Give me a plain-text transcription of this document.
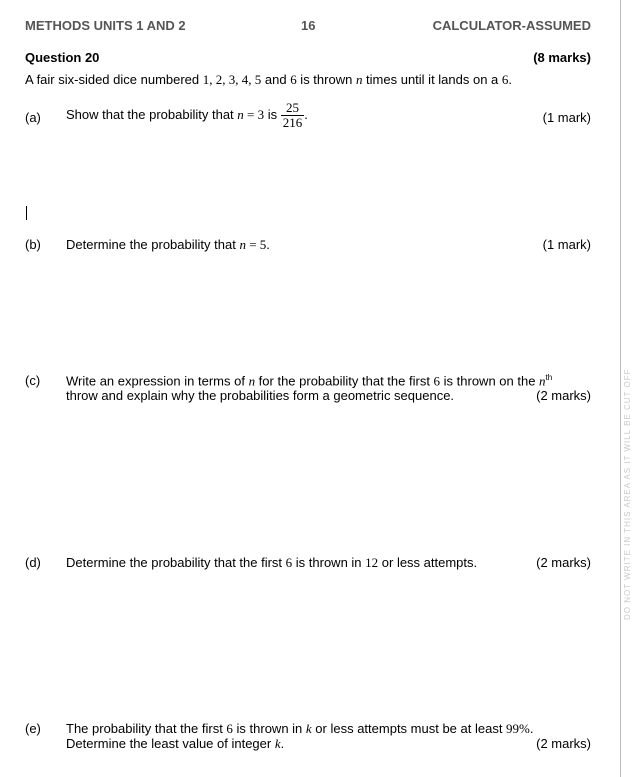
METHODS UNITS 1 AND 2	16	CALCULATOR-ASSUMED
Question 20	(8 marks)
A fair six-sided dice numbered 1, 2, 3, 4, 5 and 6 is thrown n times until it lands on a 6.
(a) Show that the probability that n = 3 is $\frac{25}{216}$ .	(1 mark)
(b) Determine the probability that n = 5.	(1 mark)
(c) Write an expression in terms of n for the probability that the first 6 is thrown on the $n^{th}$
throw and explain why the probabilities form a geometric sequence.	(2 marks)
(d) Determine the probability that the first 6 is thrown in 12 or less attempts.	(2 marks)
(e) The probability that the first 6 is thrown in k or less attempts must be at least 99%.
Determine the least value of integer k.	(2 marks)
DO NOT WRITE IN THIS AREA AS IT WILL BE CUT OFF
